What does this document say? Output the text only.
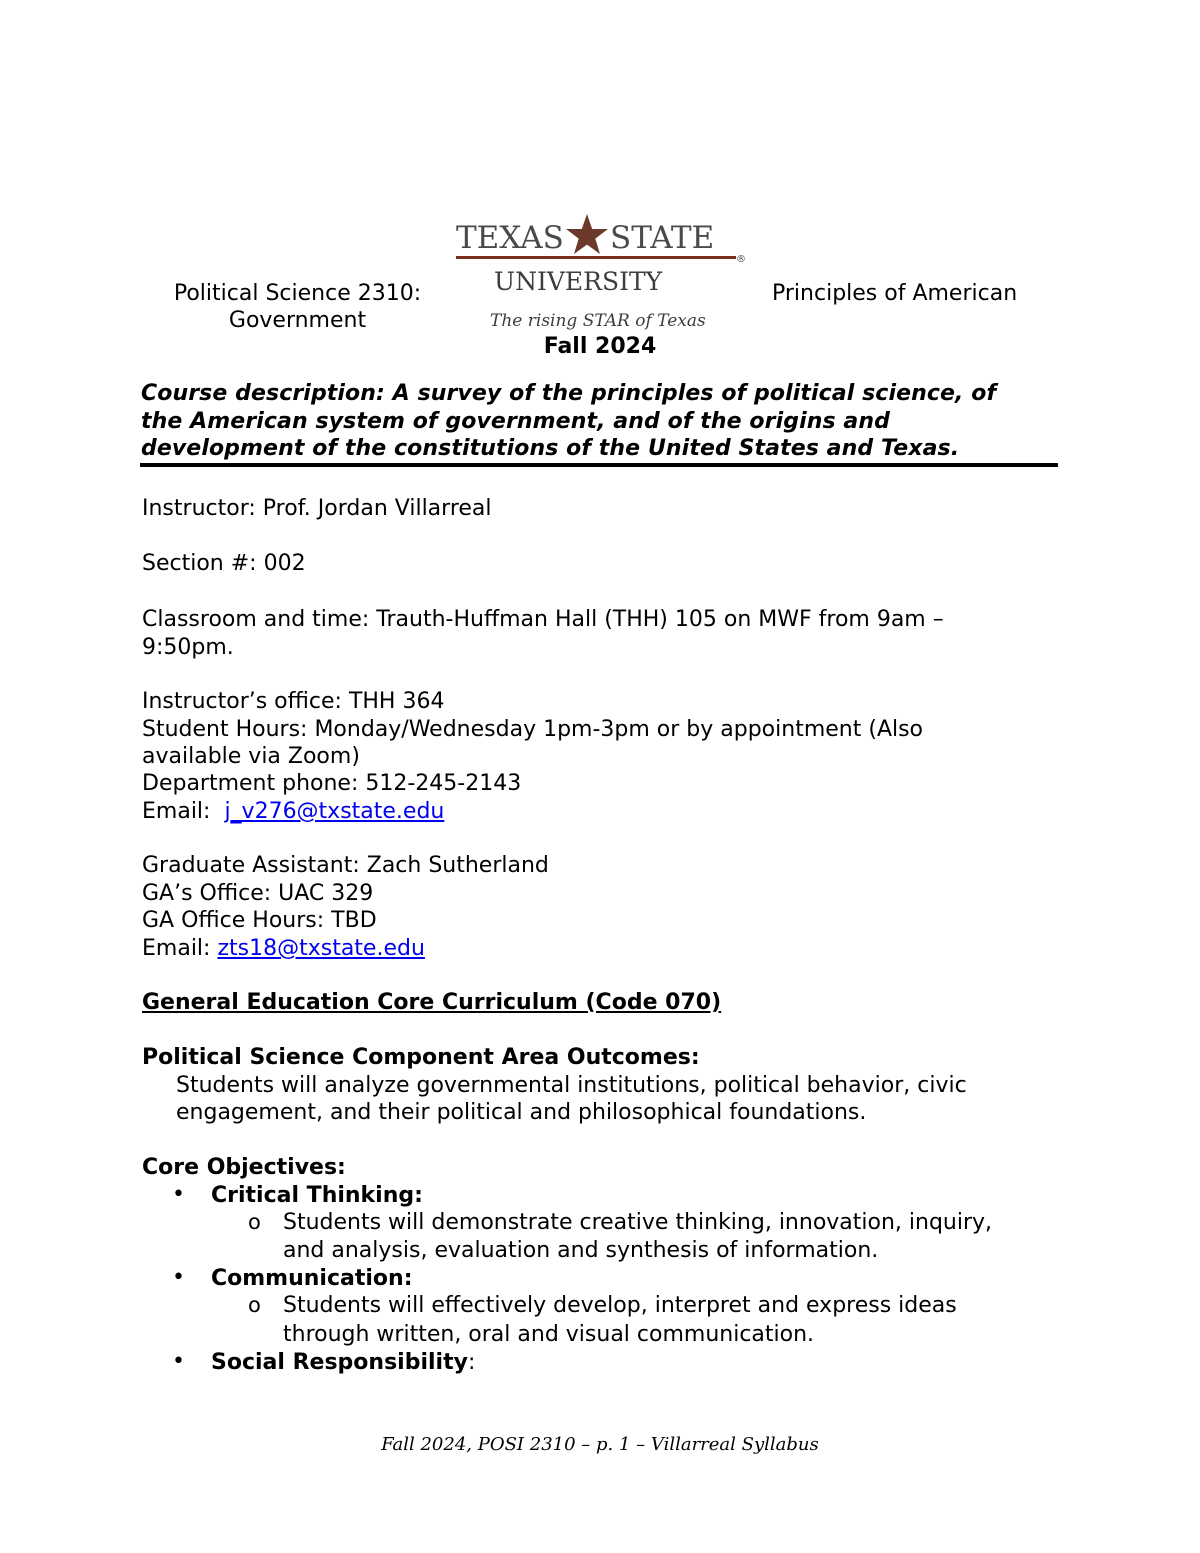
Political Science 2310:
Government
TEXAS STATE
®
UNIVERSITY
The rising STAR of Texas
Principles of American
Fall 2024
Course description: A survey of the principles of political science, of
the American system of government, and of the origins and
development of the constitutions of the United States and Texas.
Instructor: Prof. Jordan Villarreal
Section #: 002
Classroom and time: Trauth-Huffman Hall (THH) 105 on MWF from 9am –
9:50pm.
Instructor’s office: THH 364
Student Hours: Monday/Wednesday 1pm-3pm or by appointment (Also
available via Zoom)
Department phone: 512-245-2143
Email:  j_v276@txstate.edu
Graduate Assistant: Zach Sutherland
GA’s Office: UAC 329
GA Office Hours: TBD
Email: zts18@txstate.edu
General Education Core Curriculum (Code 070)
Political Science Component Area Outcomes:
Students will analyze governmental institutions, political behavior, civic
engagement, and their political and philosophical foundations.
Core Objectives:
• Critical Thinking:
o Students will demonstrate creative thinking, innovation, inquiry,
and analysis, evaluation and synthesis of information.
• Communication:
o Students will effectively develop, interpret and express ideas
through written, oral and visual communication.
• Social Responsibility:
Fall 2024, POSI 2310 – p. 1 – Villarreal Syllabus
